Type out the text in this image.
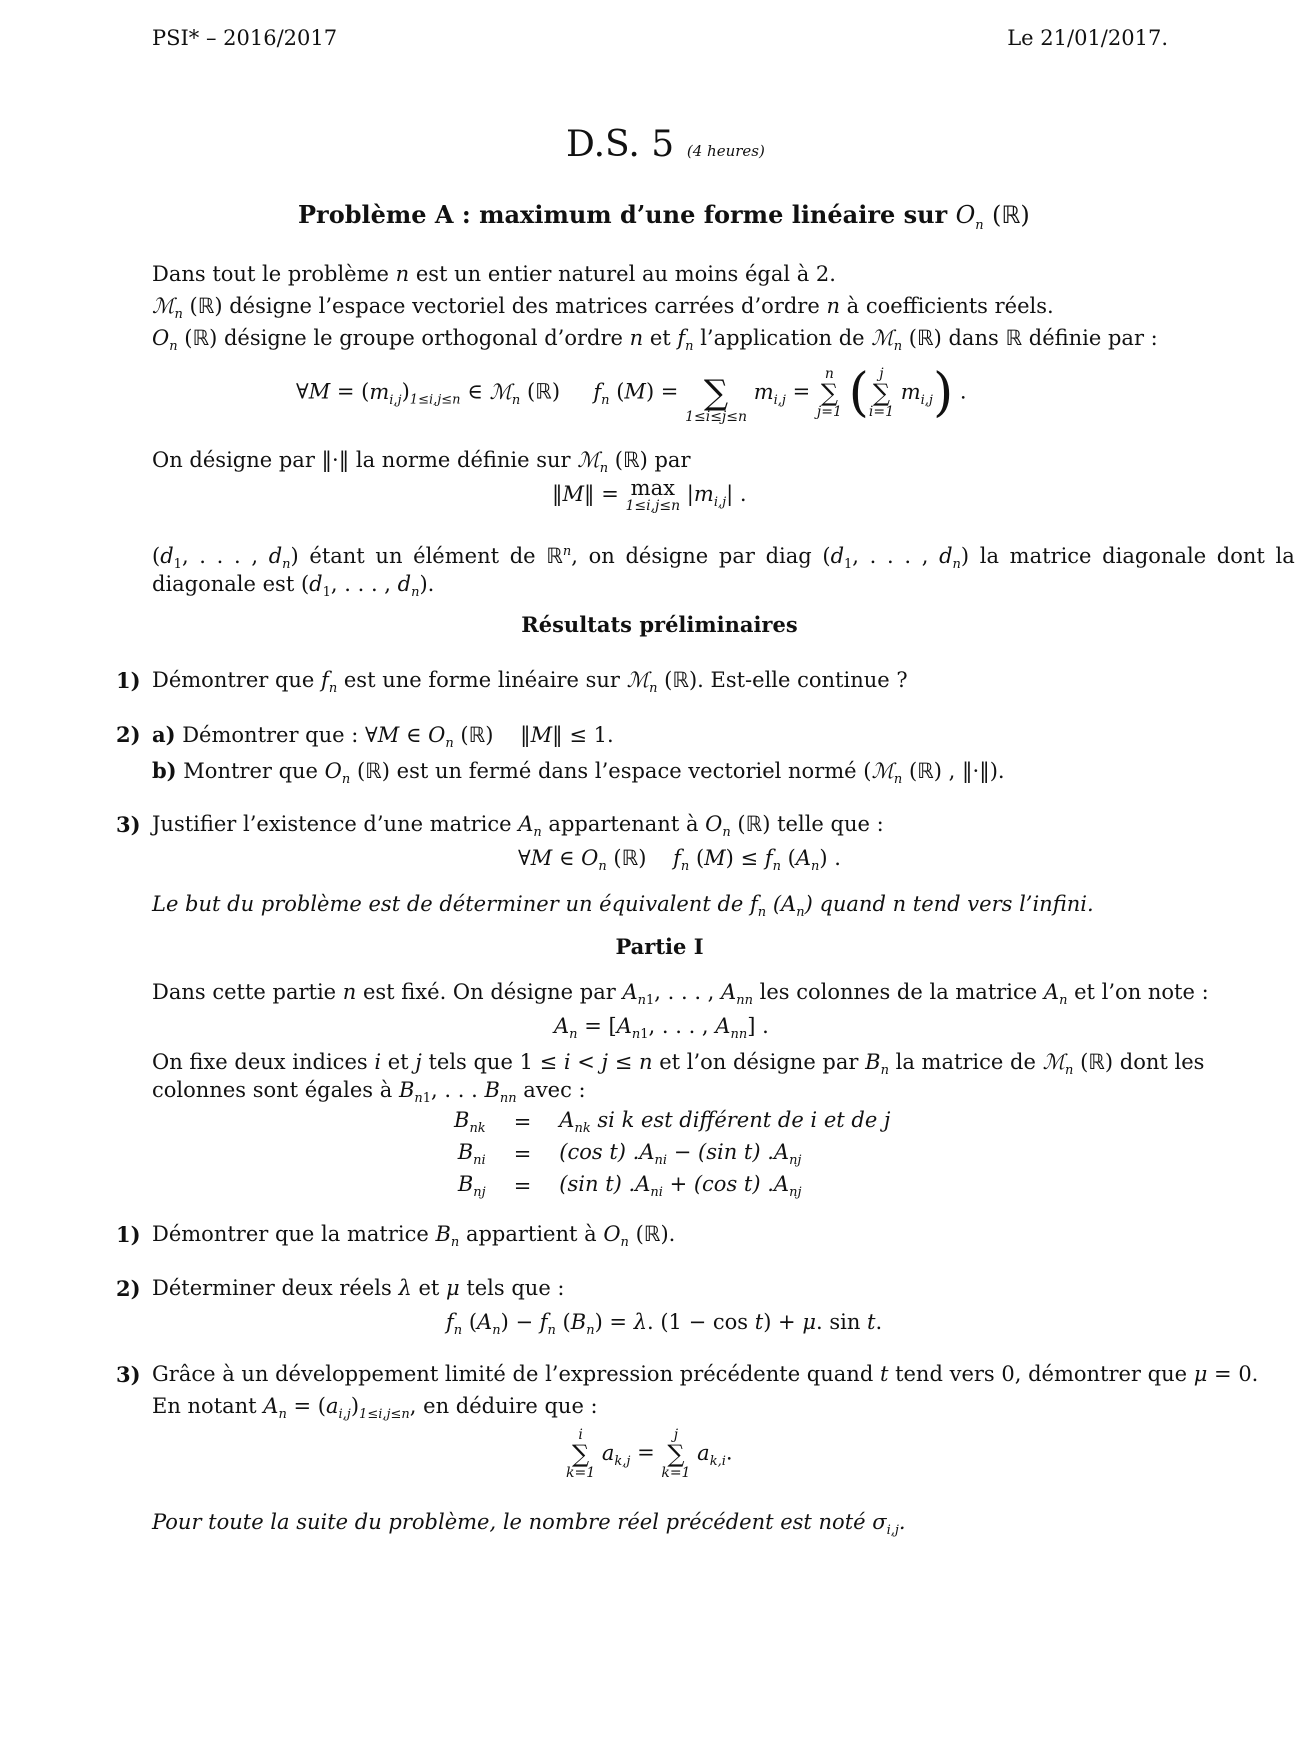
PSI* – 2016/2017	Le 21/01/2017.
D.S. 5 (4 heures)
Problème A : maximum d’une forme linéaire sur $O_n$ (ℝ)
Dans tout le problème n est un entier naturel au moins égal à 2.
ℳ$_n$ (ℝ) désigne l’espace vectoriel des matrices carrées d’ordre n à coefficients réels.
$O_n$ (ℝ) désigne le groupe orthogonal d’ordre n et $f_n$ l’application de ℳ$_n$ (ℝ) dans ℝ définie par :
∀M = $(m_{i,j})_{1\le i,j\le n}$ ∈ ℳ$_n$ (ℝ)     $f_n$ (M) =
∑
1≤i≤j≤n
$m_{i,j}$ =
n
∑
j=1 ( j
∑
i=1
$m_{i,j}$) .
On désigne par ‖·‖ la norme définie sur ℳ$_n$ (ℝ) par
‖M‖ = max
1≤i,j≤n $|m_{i,j}|$ .
($d_1$, . . . , $d_n$) étant un élément de ℝ$^n$, on désigne par diag ($d_1$, . . . , $d_n$) la matrice diagonale dont la
diagonale est ($d_1$, . . . , $d_n$).
Résultats préliminaires
1) Démontrer que $f_n$ est une forme linéaire sur ℳ$_n$ (ℝ). Est-elle continue ?
2) a) Démontrer que : ∀M ∈ $O_n$ (ℝ)    ‖M‖ ≤ 1.
b) Montrer que $O_n$ (ℝ) est un fermé dans l’espace vectoriel normé (ℳ$_n$ (ℝ) , ‖·‖).
3) Justifier l’existence d’une matrice $A_n$ appartenant à $O_n$ (ℝ) telle que :
∀M ∈ $O_n$ (ℝ)    $f_n$ $(M) \le f_n$ $(A_n)$ .
Le but du problème est de déterminer un équivalent de $f_n$ $(A_n)$ quand n tend vers l’infini.
Partie I
Dans cette partie n est fixé. On désigne par $A_{n1}$, . . . , $A_{nn}$ les colonnes de la matrice $A_n$ et l’on note :
$A_n = [A_{n1}$, . . . , $A_{nn}$] .
On fixe deux indices i et j tels que 1 ≤ i < j ≤ n et l’on désigne par $B_n$ la matrice de ℳ$_n$ (ℝ) dont les
colonnes sont égales à $B_{n1}$, . . . $B_{nn}$ avec :
$B_{nk}$	=	$A_{nk}$ si k est différent de i et de j
$B_{ni}$	=	(cos t) $.A_{ni} - (\sin$ t) $.A_{nj}$
$B_{nj}$	=	(sin t) $.A_{ni} + (\cos$ t) $.A_{nj}$
1) Démontrer que la matrice $B_n$ appartient à $O_n$ (ℝ).
2) Déterminer deux réels λ et μ tels que :
$f_n$ $(A_n) - f_n$ $(B_n) = \lambda$. (1 − cos t) + μ. sin t.
3) Grâce à un développement limité de l’expression précédente quand t tend vers 0, démontrer que μ = 0.
En notant $A_n = (a_{i,j})_{1\le i,j\le n}$, en déduire que :
i
∑
k=1
$a_{k,j}$ =
j
∑
k=1
$a_{k,i}$.
Pour toute la suite du problème, le nombre réel précédent est noté $\sigma_{i,j}$.
